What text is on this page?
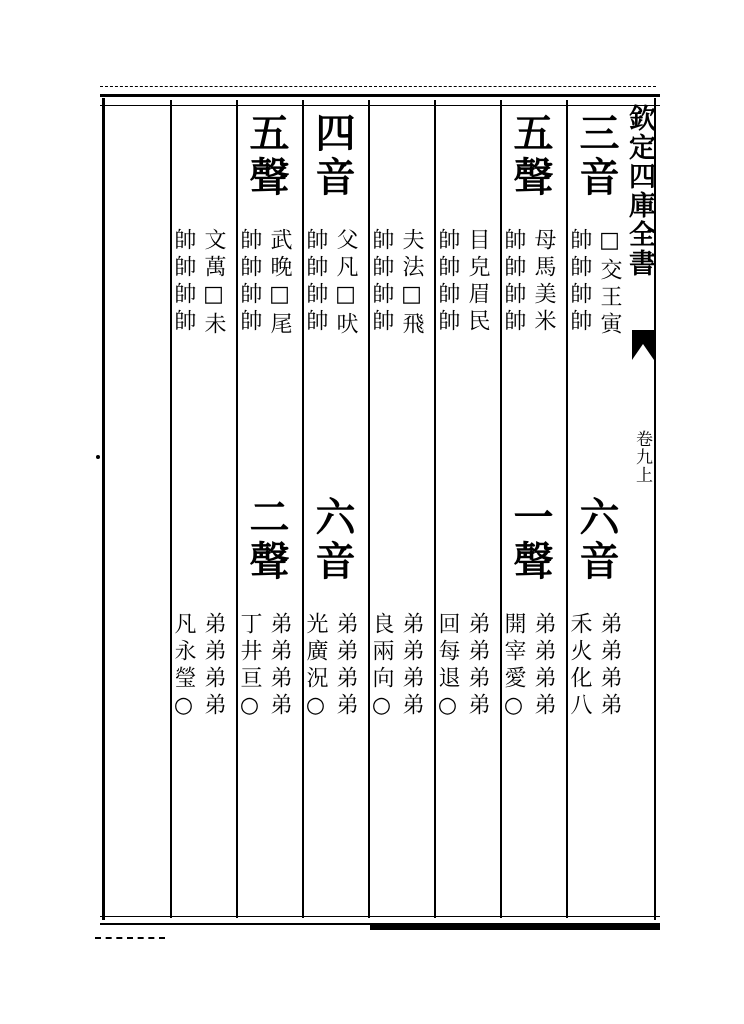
欽定四庫全書
卷九上
三音
□交王寅
帥帥帥帥
六音
弟弟弟弟
禾火化八
五聲
母馬美米
帥帥帥帥
一聲
弟弟弟弟
開宰愛○
目皃眉民
帥帥帥帥
弟弟弟弟
回每退○
夫法□飛
帥帥帥帥
弟弟弟弟
良兩向○
四音
父凡□吠
帥帥帥帥
六音
弟弟弟弟
光廣況○
五聲
武晚□尾
帥帥帥帥
二聲
弟弟弟弟
丁井亘○
文萬□未
帥帥帥帥
弟弟弟弟
凡永瑩○
